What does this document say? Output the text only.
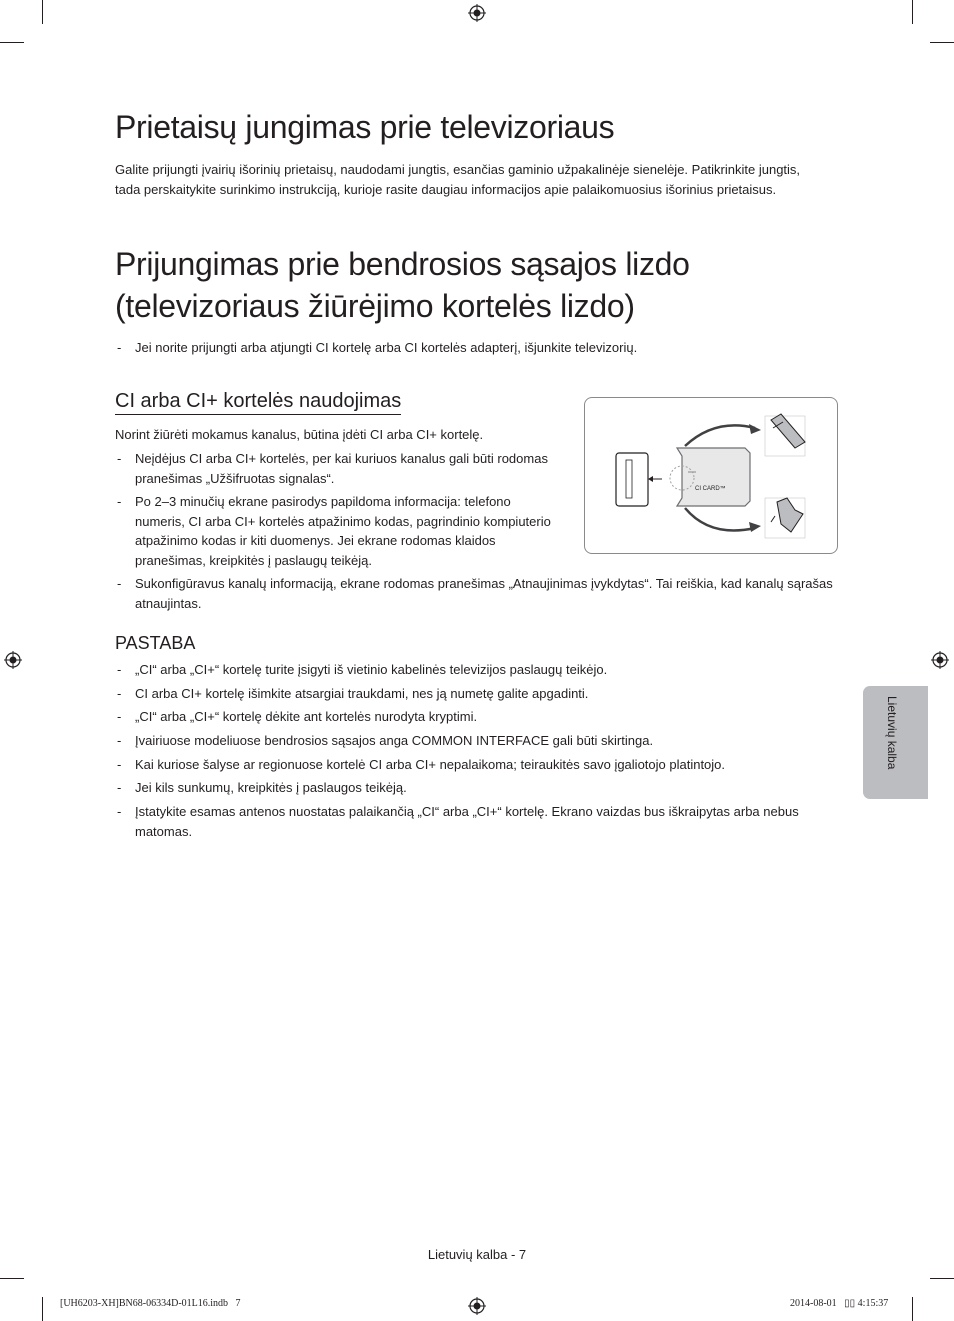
Prietaisų jungimas prie televizoriaus
Galite prijungti įvairių išorinių prietaisų, naudodami jungtis, esančias gaminio užpakalinėje sienelėje. Patikrinkite jungtis, tada perskaitykite surinkimo instrukciją, kurioje rasite daugiau informacijos apie palaikomuosius išorinius prietaisus.
Prijungimas prie bendrosios sąsajos lizdo
(televizoriaus žiūrėjimo kortelės lizdo)
- Jei norite prijungti arba atjungti CI kortelę arba CI kortelės adapterį, išjunkite televizorių.
CI arba CI+ kortelės naudojimas
Norint žiūrėti mokamus kanalus, būtina įdėti CI arba CI+ kortelę.
- Neįdėjus CI arba CI+ kortelės, per kai kuriuos kanalus gali būti rodomas pranešimas „Užšifruotas signalas“.
- Po 2–3 minučių ekrane pasirodys papildoma informacija: telefono numeris, CI arba CI+ kortelės atpažinimo kodas, pagrindinio kompiuterio atpažinimo kodas ir kiti duomenys. Jei ekrane rodomas klaidos pranešimas, kreipkitės į paslaugų teikėją.
- Sukonfigūravus kanalų informaciją, ekrane rodomas pranešimas „Atnaujinimas įvykdytas“. Tai reiškia, kad kanalų sąrašas atnaujintas.
CI CARD™
PASTABA
- „CI“ arba „CI+“ kortelę turite įsigyti iš vietinio kabelinės televizijos paslaugų teikėjo.
- CI arba CI+ kortelę išimkite atsargiai traukdami, nes ją numetę galite apgadinti.
- „CI“ arba „CI+“ kortelę dėkite ant kortelės nurodyta kryptimi.
- Įvairiuose modeliuose bendrosios sąsajos anga COMMON INTERFACE gali būti skirtinga.
- Kai kuriose šalyse ar regionuose kortelė CI arba CI+ nepalaikoma; teiraukitės savo įgaliotojo platintojo.
- Jei kils sunkumų, kreipkitės į paslaugos teikėją.
- Įstatykite esamas antenos nuostatas palaikančią „CI“ arba „CI+“ kortelę. Ekrano vaizdas bus iškraipytas arba nebus matomas.
Lietuvių kalba
Lietuvių kalba - 7
[UH6203-XH]BN68-06334D-01L16.indb   7	2014-08-01   ▯▯ 4:15:37
